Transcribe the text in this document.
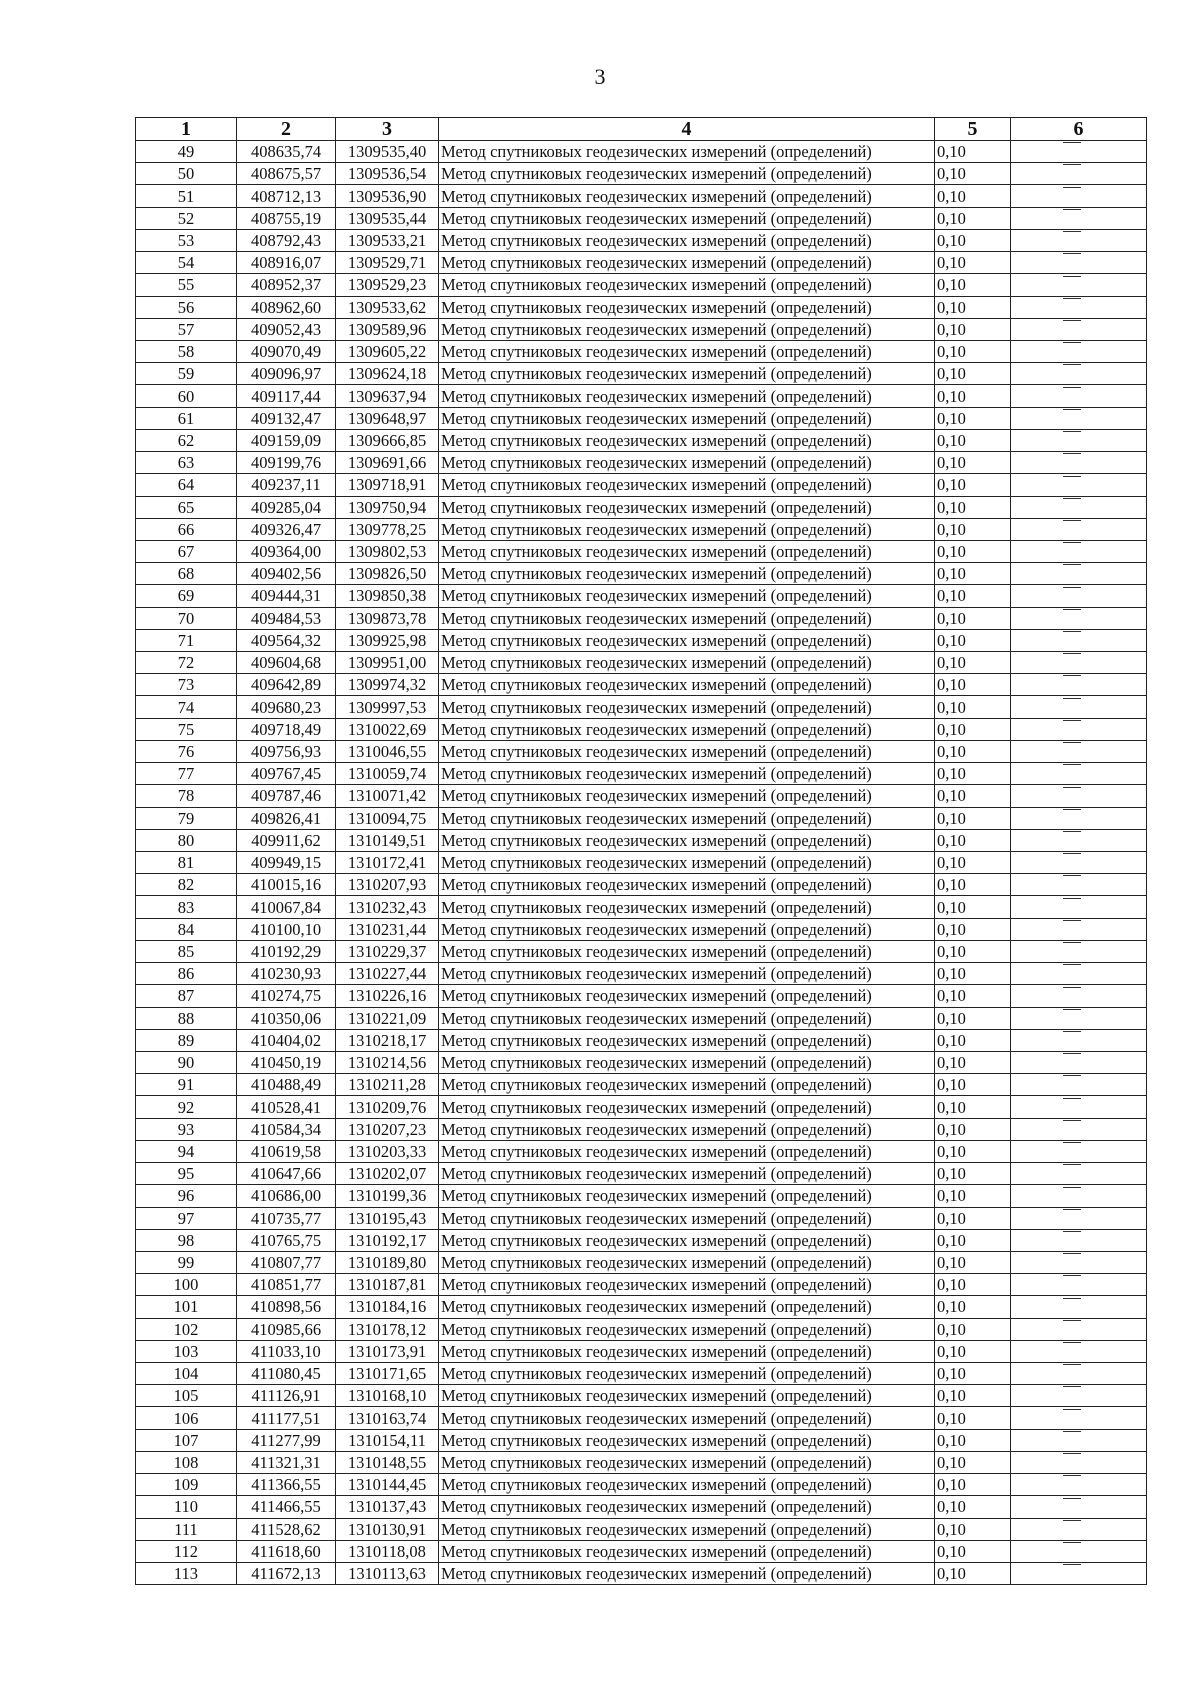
3
1	2	3	4	5	6
49	408635,74	1309535,40	Метод спутниковых геодезических измерений (определений)	0,10	
50	408675,57	1309536,54	Метод спутниковых геодезических измерений (определений)	0,10	
51	408712,13	1309536,90	Метод спутниковых геодезических измерений (определений)	0,10	
52	408755,19	1309535,44	Метод спутниковых геодезических измерений (определений)	0,10	
53	408792,43	1309533,21	Метод спутниковых геодезических измерений (определений)	0,10	
54	408916,07	1309529,71	Метод спутниковых геодезических измерений (определений)	0,10	
55	408952,37	1309529,23	Метод спутниковых геодезических измерений (определений)	0,10	
56	408962,60	1309533,62	Метод спутниковых геодезических измерений (определений)	0,10	
57	409052,43	1309589,96	Метод спутниковых геодезических измерений (определений)	0,10	
58	409070,49	1309605,22	Метод спутниковых геодезических измерений (определений)	0,10	
59	409096,97	1309624,18	Метод спутниковых геодезических измерений (определений)	0,10	
60	409117,44	1309637,94	Метод спутниковых геодезических измерений (определений)	0,10	
61	409132,47	1309648,97	Метод спутниковых геодезических измерений (определений)	0,10	
62	409159,09	1309666,85	Метод спутниковых геодезических измерений (определений)	0,10	
63	409199,76	1309691,66	Метод спутниковых геодезических измерений (определений)	0,10	
64	409237,11	1309718,91	Метод спутниковых геодезических измерений (определений)	0,10	
65	409285,04	1309750,94	Метод спутниковых геодезических измерений (определений)	0,10	
66	409326,47	1309778,25	Метод спутниковых геодезических измерений (определений)	0,10	
67	409364,00	1309802,53	Метод спутниковых геодезических измерений (определений)	0,10	
68	409402,56	1309826,50	Метод спутниковых геодезических измерений (определений)	0,10	
69	409444,31	1309850,38	Метод спутниковых геодезических измерений (определений)	0,10	
70	409484,53	1309873,78	Метод спутниковых геодезических измерений (определений)	0,10	
71	409564,32	1309925,98	Метод спутниковых геодезических измерений (определений)	0,10	
72	409604,68	1309951,00	Метод спутниковых геодезических измерений (определений)	0,10	
73	409642,89	1309974,32	Метод спутниковых геодезических измерений (определений)	0,10	
74	409680,23	1309997,53	Метод спутниковых геодезических измерений (определений)	0,10	
75	409718,49	1310022,69	Метод спутниковых геодезических измерений (определений)	0,10	
76	409756,93	1310046,55	Метод спутниковых геодезических измерений (определений)	0,10	
77	409767,45	1310059,74	Метод спутниковых геодезических измерений (определений)	0,10	
78	409787,46	1310071,42	Метод спутниковых геодезических измерений (определений)	0,10	
79	409826,41	1310094,75	Метод спутниковых геодезических измерений (определений)	0,10	
80	409911,62	1310149,51	Метод спутниковых геодезических измерений (определений)	0,10	
81	409949,15	1310172,41	Метод спутниковых геодезических измерений (определений)	0,10	
82	410015,16	1310207,93	Метод спутниковых геодезических измерений (определений)	0,10	
83	410067,84	1310232,43	Метод спутниковых геодезических измерений (определений)	0,10	
84	410100,10	1310231,44	Метод спутниковых геодезических измерений (определений)	0,10	
85	410192,29	1310229,37	Метод спутниковых геодезических измерений (определений)	0,10	
86	410230,93	1310227,44	Метод спутниковых геодезических измерений (определений)	0,10	
87	410274,75	1310226,16	Метод спутниковых геодезических измерений (определений)	0,10	
88	410350,06	1310221,09	Метод спутниковых геодезических измерений (определений)	0,10	
89	410404,02	1310218,17	Метод спутниковых геодезических измерений (определений)	0,10	
90	410450,19	1310214,56	Метод спутниковых геодезических измерений (определений)	0,10	
91	410488,49	1310211,28	Метод спутниковых геодезических измерений (определений)	0,10	
92	410528,41	1310209,76	Метод спутниковых геодезических измерений (определений)	0,10	
93	410584,34	1310207,23	Метод спутниковых геодезических измерений (определений)	0,10	
94	410619,58	1310203,33	Метод спутниковых геодезических измерений (определений)	0,10	
95	410647,66	1310202,07	Метод спутниковых геодезических измерений (определений)	0,10	
96	410686,00	1310199,36	Метод спутниковых геодезических измерений (определений)	0,10	
97	410735,77	1310195,43	Метод спутниковых геодезических измерений (определений)	0,10	
98	410765,75	1310192,17	Метод спутниковых геодезических измерений (определений)	0,10	
99	410807,77	1310189,80	Метод спутниковых геодезических измерений (определений)	0,10	
100	410851,77	1310187,81	Метод спутниковых геодезических измерений (определений)	0,10	
101	410898,56	1310184,16	Метод спутниковых геодезических измерений (определений)	0,10	
102	410985,66	1310178,12	Метод спутниковых геодезических измерений (определений)	0,10	
103	411033,10	1310173,91	Метод спутниковых геодезических измерений (определений)	0,10	
104	411080,45	1310171,65	Метод спутниковых геодезических измерений (определений)	0,10	
105	411126,91	1310168,10	Метод спутниковых геодезических измерений (определений)	0,10	
106	411177,51	1310163,74	Метод спутниковых геодезических измерений (определений)	0,10	
107	411277,99	1310154,11	Метод спутниковых геодезических измерений (определений)	0,10	
108	411321,31	1310148,55	Метод спутниковых геодезических измерений (определений)	0,10	
109	411366,55	1310144,45	Метод спутниковых геодезических измерений (определений)	0,10	
110	411466,55	1310137,43	Метод спутниковых геодезических измерений (определений)	0,10	
111	411528,62	1310130,91	Метод спутниковых геодезических измерений (определений)	0,10	
112	411618,60	1310118,08	Метод спутниковых геодезических измерений (определений)	0,10	
113	411672,13	1310113,63	Метод спутниковых геодезических измерений (определений)	0,10	
